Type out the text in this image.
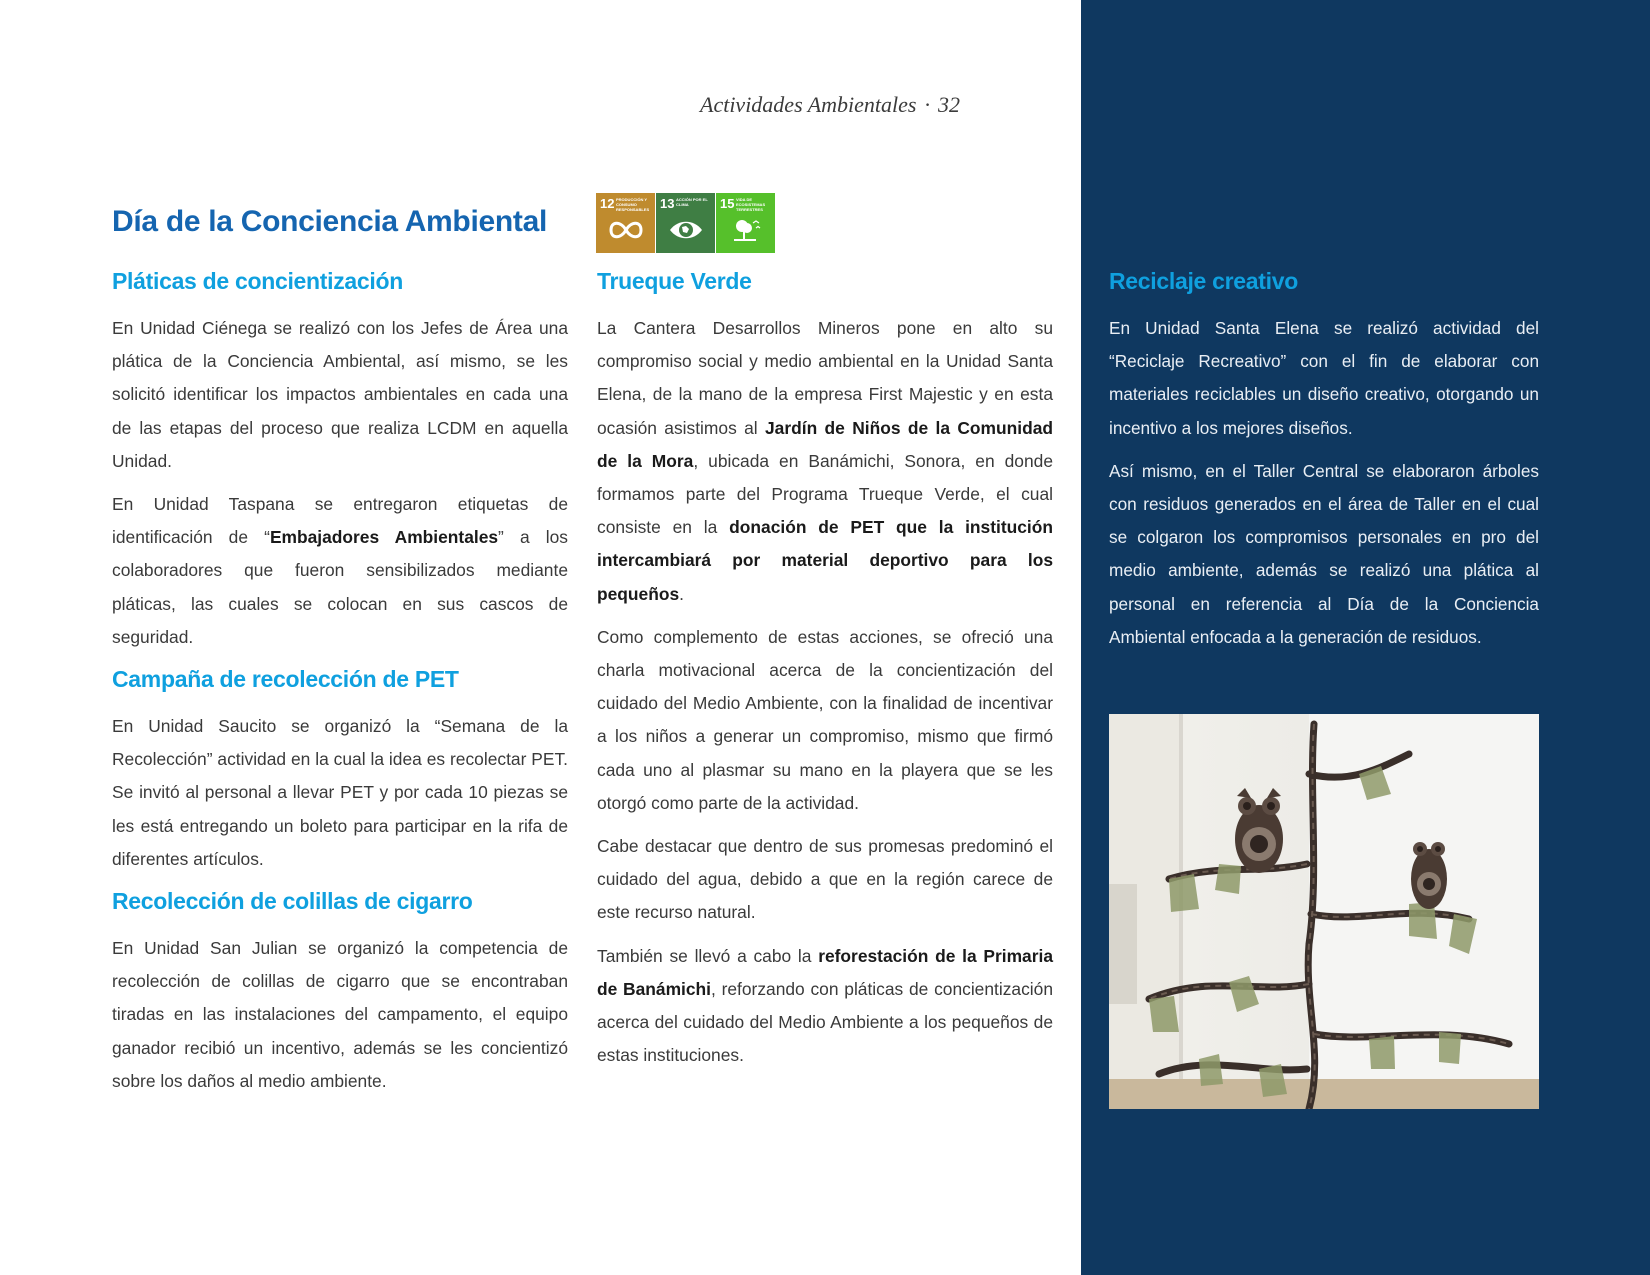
Actividades Ambientales · 32
Día de la Conciencia Ambiental
12 PRODUCCIÓN Y CONSUMO RESPONSABLES 13 ACCIÓN POR EL CLIMA	15 VIDA DE ECOSISTEMAS TERRESTRES
Pláticas de concientización

En Unidad Ciénega se realizó con los Jefes de Área una plática de la Conciencia Ambiental, así mismo, se les solicitó identificar los impactos ambientales en cada una de las etapas del proceso que realiza LCDM en aquella Unidad.

En Unidad Taspana se entregaron etiquetas de identificación de “Embajadores Ambientales” a los colaboradores que fueron sensibilizados mediante pláticas, las cuales se colocan en sus cascos de seguridad.

Campaña de recolección de PET

En Unidad Saucito se organizó la “Semana de la Recolección” actividad en la cual la idea es recolectar PET. Se invitó al personal a llevar PET y por cada 10 piezas se les está entregando un boleto para participar en la rifa de diferentes artículos.

Recolección de colillas de cigarro

En Unidad San Julian se organizó la competencia de recolección de colillas de cigarro que se encontraban tiradas en las instalaciones del campamento, el equipo ganador recibió un incentivo, además se les concientizó sobre los daños al medio ambiente.

Trueque Verde

La Cantera Desarrollos Mineros pone en alto su compromiso social y medio ambiental en la Unidad Santa Elena, de la mano de la empresa First Majestic y en esta ocasión asistimos al Jardín de Niños de la Comunidad de la Mora, ubicada en Banámichi, Sonora, en donde formamos parte del Programa Trueque Verde, el cual consiste en la donación de PET que la institución intercambiará por material deportivo para los pequeños.

Como complemento de estas acciones, se ofreció una charla motivacional acerca de la concientización del cuidado del Medio Ambiente, con la finalidad de incentivar a los niños a generar un compromiso, mismo que firmó cada uno al plasmar su mano en la playera que se les otorgó como parte de la actividad.

Cabe destacar que dentro de sus promesas predominó el cuidado del agua, debido a que en la región carece de este recurso natural.

También se llevó a cabo la reforestación de la Primaria de Banámichi, reforzando con pláticas de concientización acerca del cuidado del Medio Ambiente a los pequeños de estas instituciones.

Reciclaje creativo

En Unidad Santa Elena se realizó actividad del “Reciclaje Recreativo” con el fin de elaborar con materiales reciclables un diseño creativo, otorgando un incentivo a los mejores diseños.

Así mismo, en el Taller Central se elaboraron árboles con residuos generados en el área de Taller en el cual se colgaron los compromisos personales en pro del medio ambiente, además se realizó una plática al personal en referencia al Día de la Conciencia Ambiental enfocada a la generación de residuos.
